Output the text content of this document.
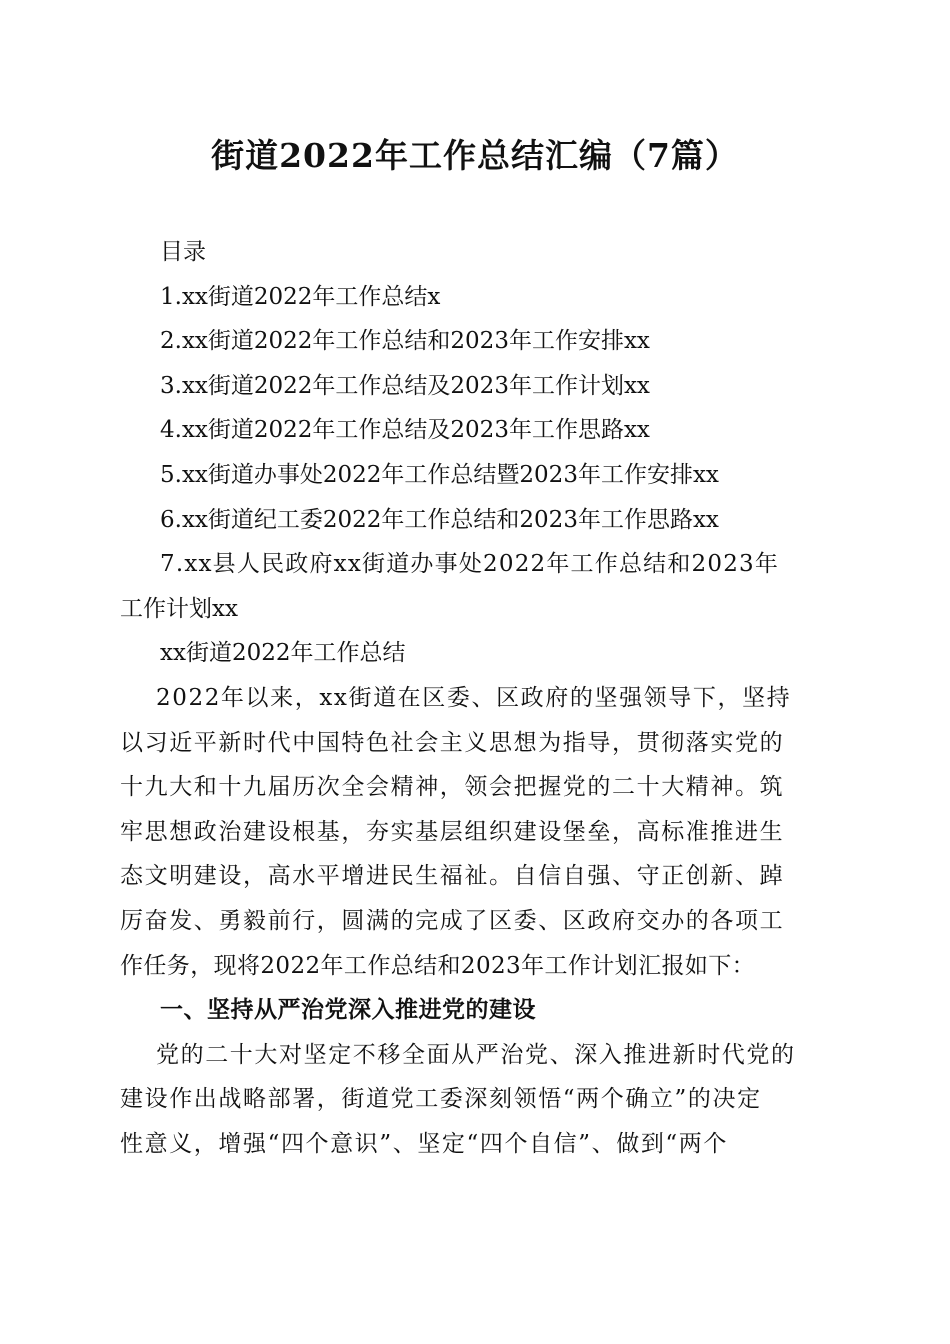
街道2022年工作总结汇编（7篇）
目录
1.xx街道2022年工作总结x
2.xx街道2022年工作总结和2023年工作安排xx
3.xx街道2022年工作总结及2023年工作计划xx
4.xx街道2022年工作总结及2023年工作思路xx
5.xx街道办事处2022年工作总结暨2023年工作安排xx
6.xx街道纪工委2022年工作总结和2023年工作思路xx
7.xx县人民政府xx街道办事处2022年工作总结和2023年
工作计划xx
xx街道2022年工作总结
2022年以来，xx街道在区委、区政府的坚强领导下，坚持
以习近平新时代中国特色社会主义思想为指导，贯彻落实党的
十九大和十九届历次全会精神，领会把握党的二十大精神。筑
牢思想政治建设根基，夯实基层组织建设堡垒，高标准推进生
态文明建设，高水平增进民生福祉。自信自强、守正创新、踔
厉奋发、勇毅前行，圆满的完成了区委、区政府交办的各项工
作任务，现将2022年工作总结和2023年工作计划汇报如下：
一、坚持从严治党深入推进党的建设
党的二十大对坚定不移全面从严治党、深入推进新时代党的
建设作出战略部署，街道党工委深刻领悟“两个确立”的决定
性意义，增强“四个意识”、坚定“四个自信”、做到“两个
